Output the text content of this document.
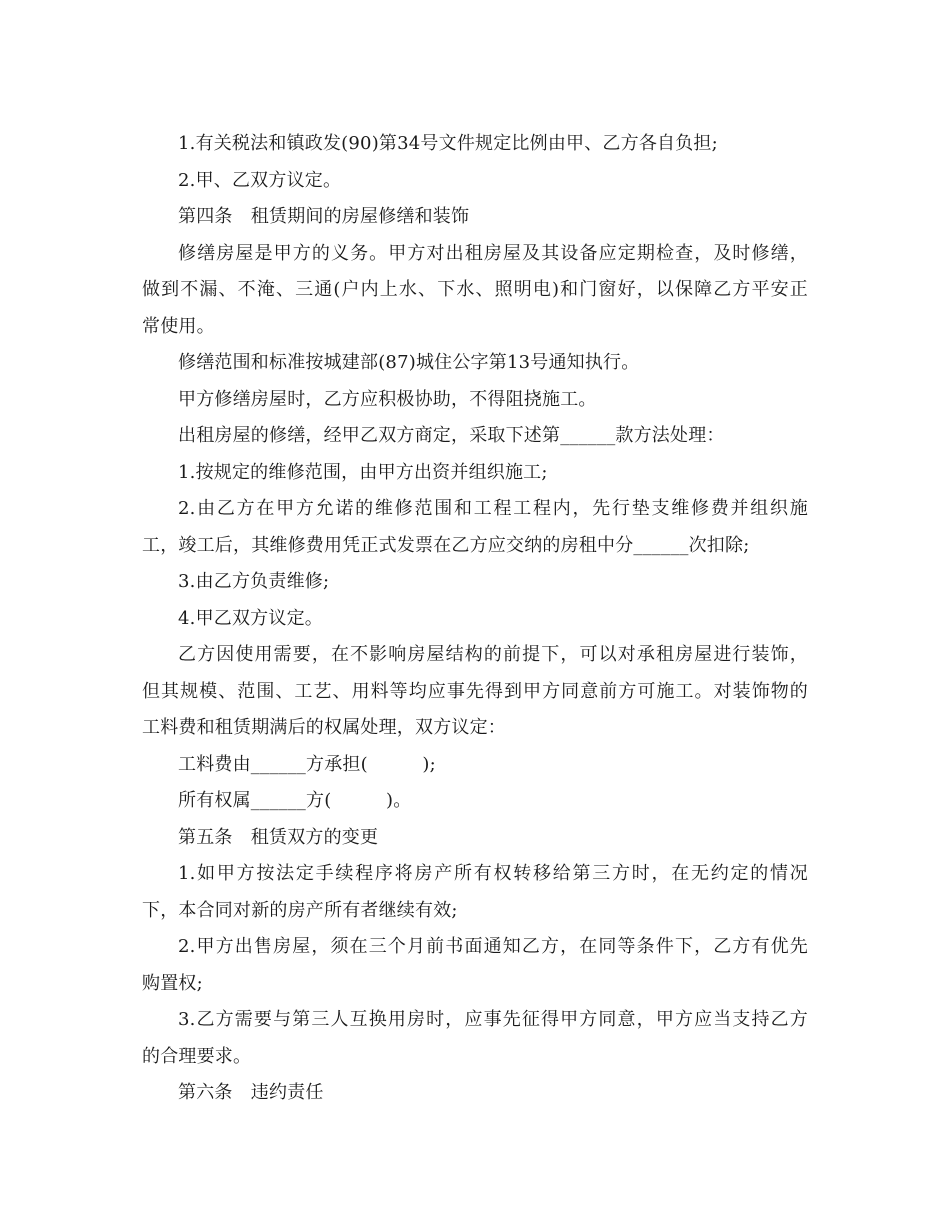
1.有关税法和镇政发(90)第34号文件规定比例由甲、乙方各自负担;
2.甲、乙双方议定。
第四条　租赁期间的房屋修缮和装饰
修缮房屋是甲方的义务。甲方对出租房屋及其设备应定期检查，及时修缮，
做到不漏、不淹、三通(户内上水、下水、照明电)和门窗好，以保障乙方平安正
常使用。
修缮范围和标准按城建部(87)城住公字第13号通知执行。
甲方修缮房屋时，乙方应积极协助，不得阻挠施工。
出租房屋的修缮，经甲乙双方商定，采取下述第______款方法处理：
1.按规定的维修范围，由甲方出资并组织施工;
2.由乙方在甲方允诺的维修范围和工程工程内，先行垫支维修费并组织施
工，竣工后，其维修费用凭正式发票在乙方应交纳的房租中分______次扣除;
3.由乙方负责维修;
4.甲乙双方议定。
乙方因使用需要，在不影响房屋结构的前提下，可以对承租房屋进行装饰，
但其规模、范围、工艺、用料等均应事先得到甲方同意前方可施工。对装饰物的
工料费和租赁期满后的权属处理，双方议定：
工料费由______方承担(　　　);
所有权属______方(　　　)。
第五条　租赁双方的变更
1.如甲方按法定手续程序将房产所有权转移给第三方时，在无约定的情况
下，本合同对新的房产所有者继续有效;
2.甲方出售房屋，须在三个月前书面通知乙方，在同等条件下，乙方有优先
购置权;
3.乙方需要与第三人互换用房时，应事先征得甲方同意，甲方应当支持乙方
的合理要求。
第六条　违约责任
